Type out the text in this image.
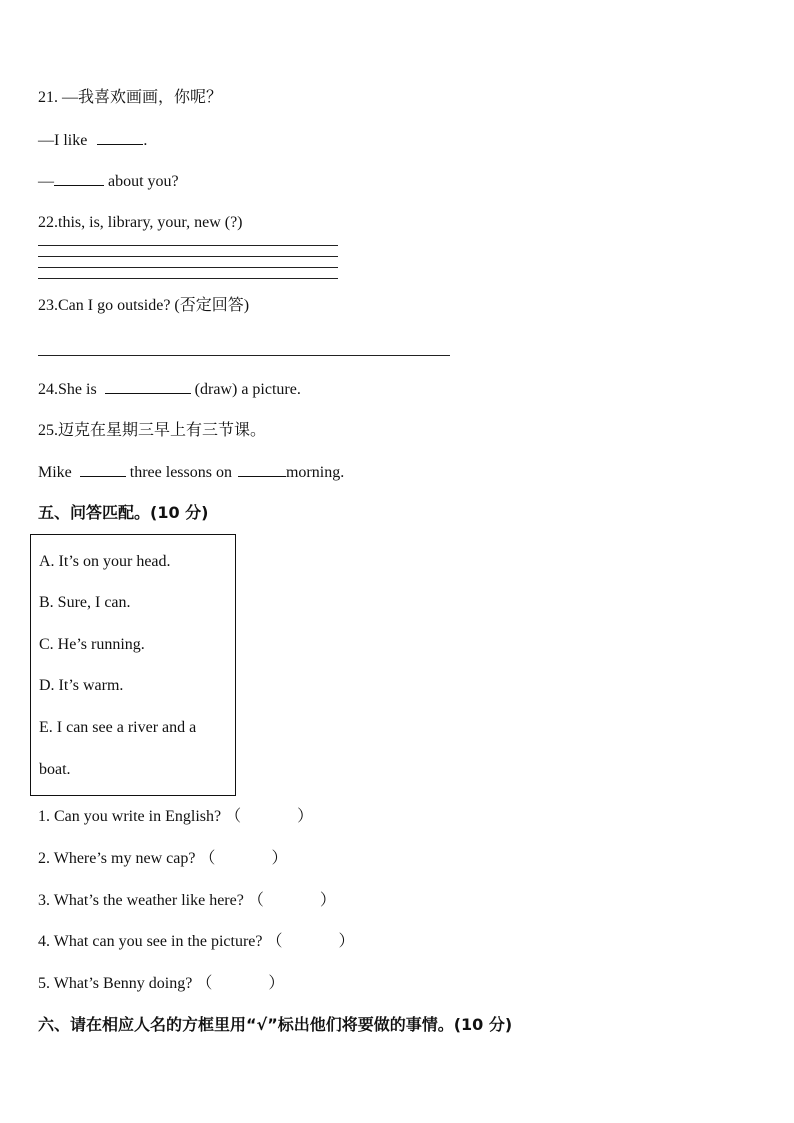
21. —我喜欢画画，你呢？
—I like	.
—	about you?
22.this, is, library, your, new (?)
23.Can I go outside? (否定回答)
24.She is	(draw) a picture.
25.迈克在星期三早上有三节课。
Mike	three lessons on	morning.
五、问答匹配。(10 分)
A. It’s on your head.
B. Sure, I can.
C. He’s running.
D. It’s warm.
E. I can see a river and a
boat.
1. Can you write in English? （	）
2. Where’s my new cap? （	）
3. What’s the weather like here? （	）
4. What can you see in the picture? （	）
5. What’s Benny doing? （	）
六、请在相应人名的方框里用“√”标出他们将要做的事情。(10 分)
